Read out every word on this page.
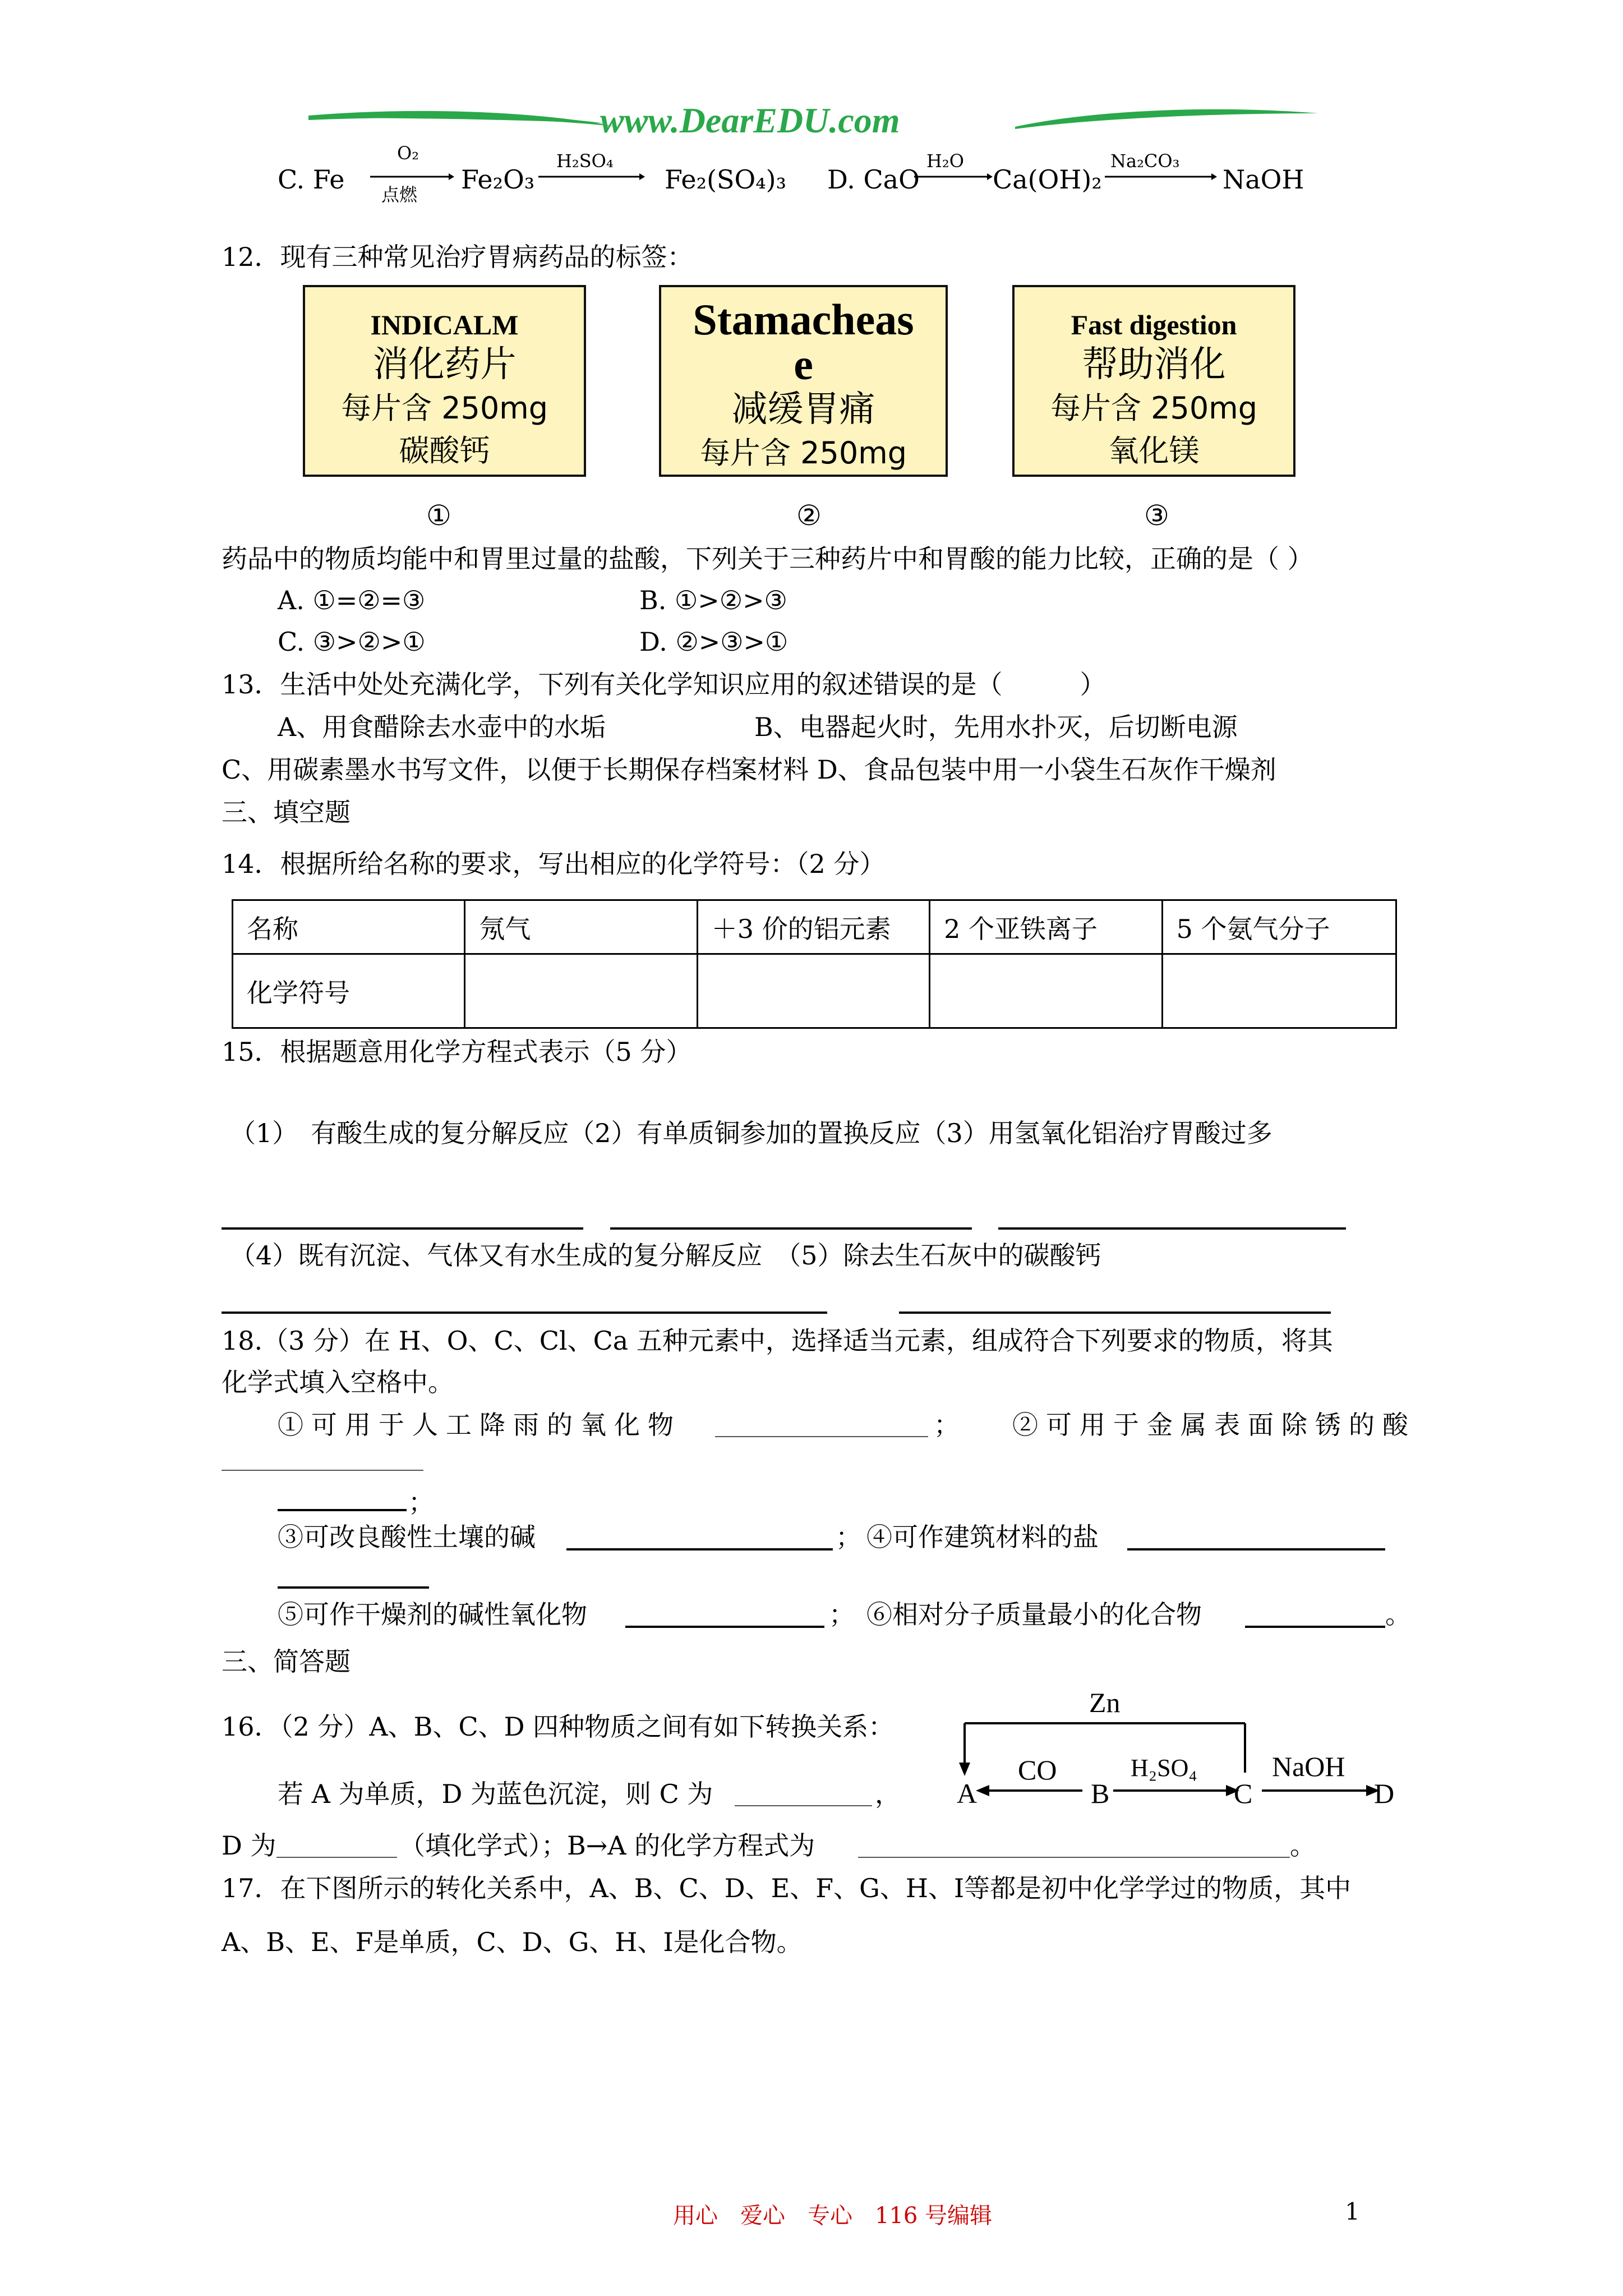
www.DearEDU.com
C. Fe
O₂
点燃 Fe₂O₃
H₂SO₄
Fe₂(SO₄)₃ D. CaO
H₂O
→ Ca(OH)₂
Na₂CO₃
NaOH
12．现有三种常见治疗胃病药品的标签：
INDICALM
消化药片
每片含 250mg
碳酸钙
Stamacheas
e
减缓胃痛
每片含 250mg
Fast digestion
帮助消化
每片含 250mg
氧化镁
①	②	③
药品中的物质均能中和胃里过量的盐酸，下列关于三种药片中和胃酸的能力比较，正确的是（ ）
A. ①=②=③	B. ①>②>③
C. ③>②>①	D. ②>③>①
13．生活中处处充满化学，下列有关化学知识应用的叙述错误的是（　　　）
A、用食醋除去水壶中的水垢	B、电器起火时，先用水扑灭，后切断电源
C、用碳素墨水书写文件，以便于长期保存档案材料 D、食品包装中用一小袋生石灰作干燥剂
三、填空题
14．根据所给名称的要求，写出相应的化学符号：（2 分）
名称	氖气	＋3 价的铝元素	2 个亚铁离子	5 个氨气分子
化学符号				
15．根据题意用化学方程式表示（5 分）
（1）　有酸生成的复分解反应（2）有单质铜参加的置换反应（3）用氢氧化铝治疗胃酸过多
（4）既有沉淀、气体又有水生成的复分解反应　（5）除去生石灰中的碳酸钙
18.（3 分）在 H、O、C、Cl、Ca 五种元素中，选择适当元素，组成符合下列要求的物质，将其
化学式填入空格中。
①可用于人工降雨的氧化物	； ②可用于金属表面除锈的酸
；
③可改良酸性土壤的碱	； ④可作建筑材料的盐
⑤可作干燥剂的碱性氧化物	； ⑥相对分子质量最小的化合物	。
三、简答题
16．（2 分）A、B、C、D 四种物质之间有如下转换关系：
若 A 为单质，D 为蓝色沉淀，则 C 为	，
D 为	（填化学式）；B→A 的化学方程式为	。
Zn
A	B	C	D
CO	H₂SO₄	NaOH
17．在下图所示的转化关系中，A、B、C、D、E、F、G、H、I等都是初中化学学过的物质，其中
A、B、E、F是单质，C、D、G、H、I是化合物。
用心　爱心　专心　116 号编辑	1
